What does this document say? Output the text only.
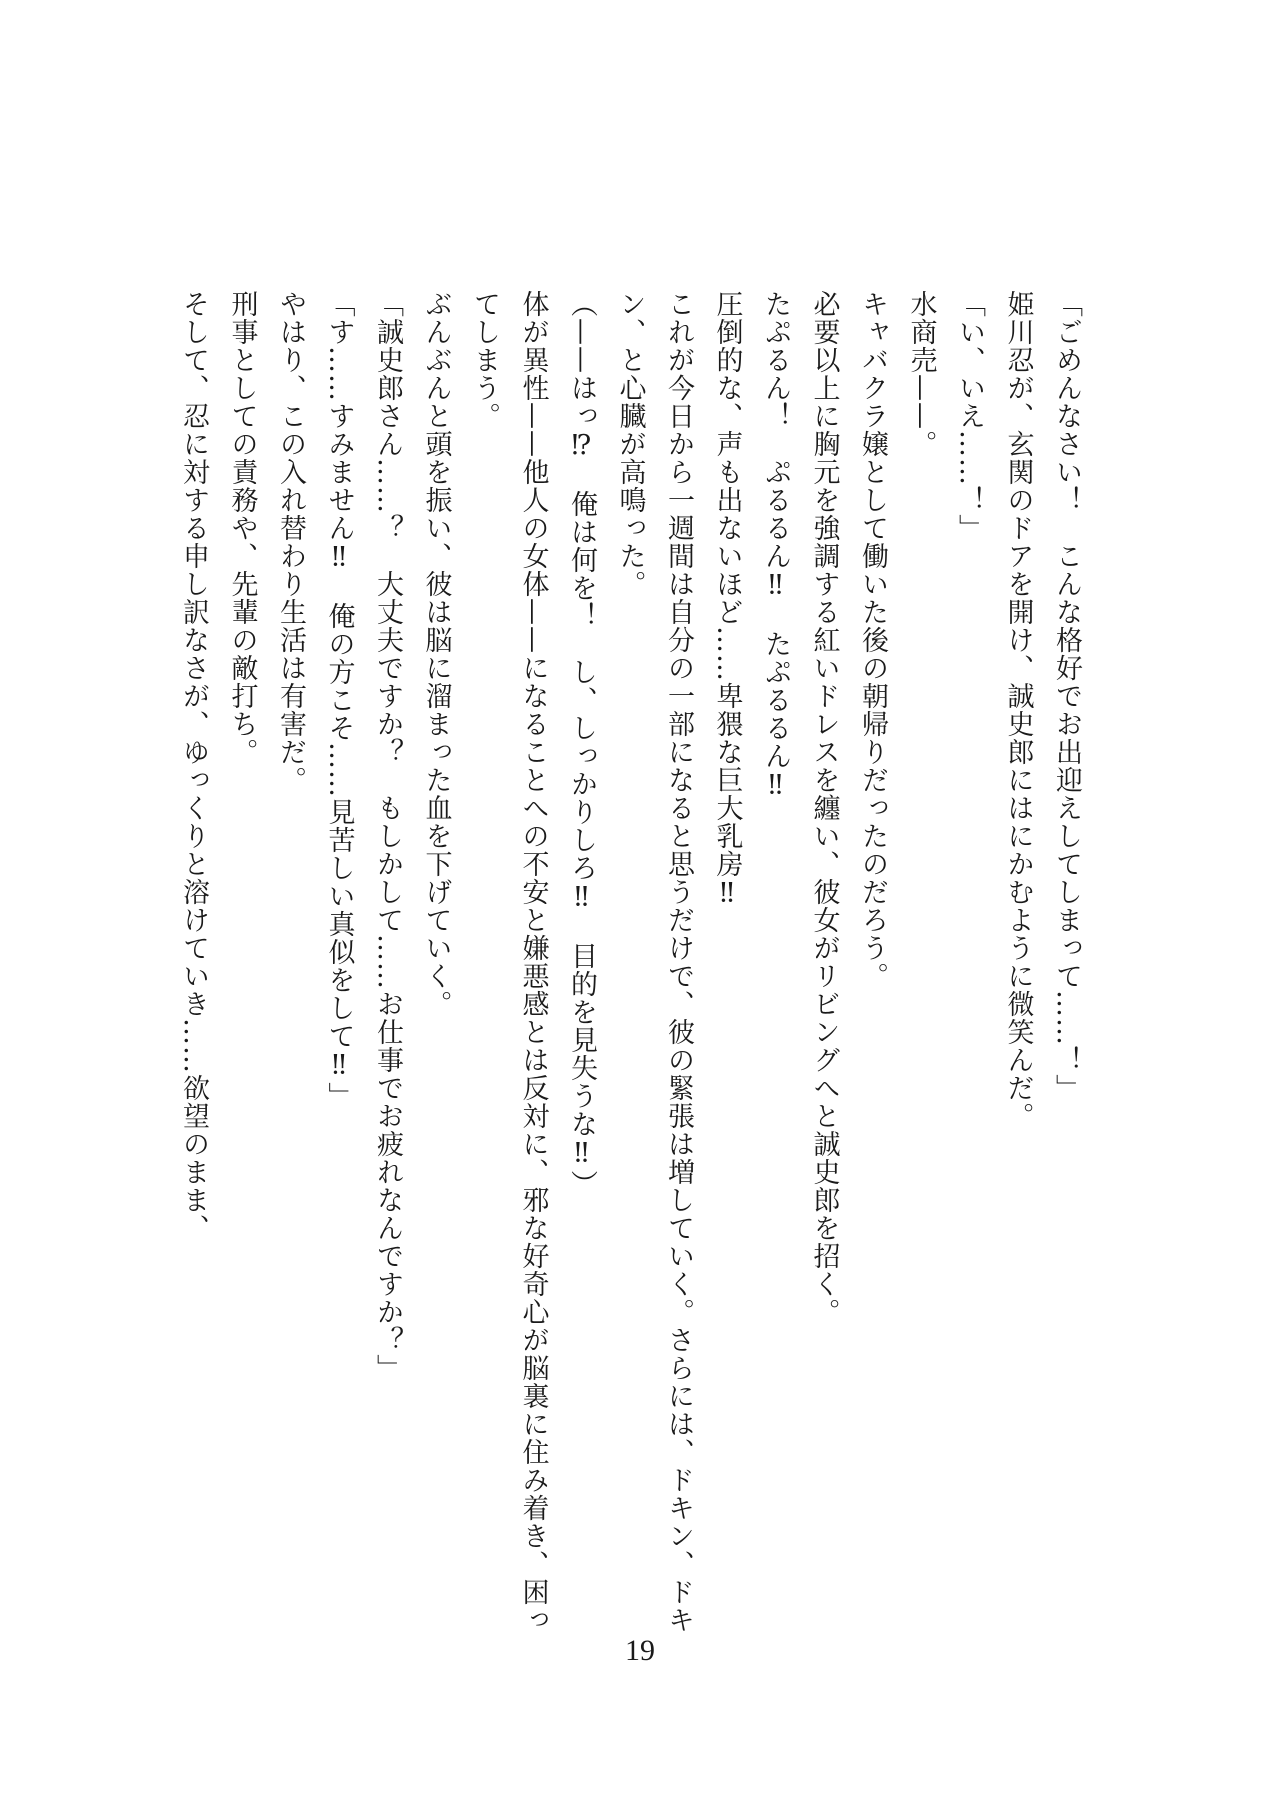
「ごめんなさい！　こんな格好でお出迎えしてしまって……！」
姫川忍が、玄関のドアを開け、誠史郎にはにかむように微笑んだ。
「い、いえ……！」
水商売——。
キャバクラ嬢として働いた後の朝帰りだったのだろう。
必要以上に胸元を強調する紅いドレスを纏い、彼女がリビングへと誠史郎を招く。
たぷるん！　ぷるるん‼　たぷるるん‼
圧倒的な、声も出ないほど……卑猥な巨大乳房‼
これが今日から一週間は自分の一部になると思うだけで、彼の緊張は増していく。さらには、ドキン、ドキン、と心臓が高鳴った。
（——はっ⁉　俺は何を！　し、しっかりしろ‼　目的を見失うな‼）
体が異性——他人の女体——になることへの不安と嫌悪感とは反対に、邪な好奇心が脳裏に住み着き、困ってしまう。
ぶんぶんと頭を振い、彼は脳に溜まった血を下げていく。
「誠史郎さん……？　大丈夫ですか？　もしかして……お仕事でお疲れなんですか？」
「す……すみません‼　俺の方こそ……見苦しい真似をして‼」
やはり、この入れ替わり生活は有害だ。
刑事としての責務や、先輩の敵打ち。
そして、忍に対する申し訳なさが、ゆっくりと溶けていき……欲望のまま、
19
